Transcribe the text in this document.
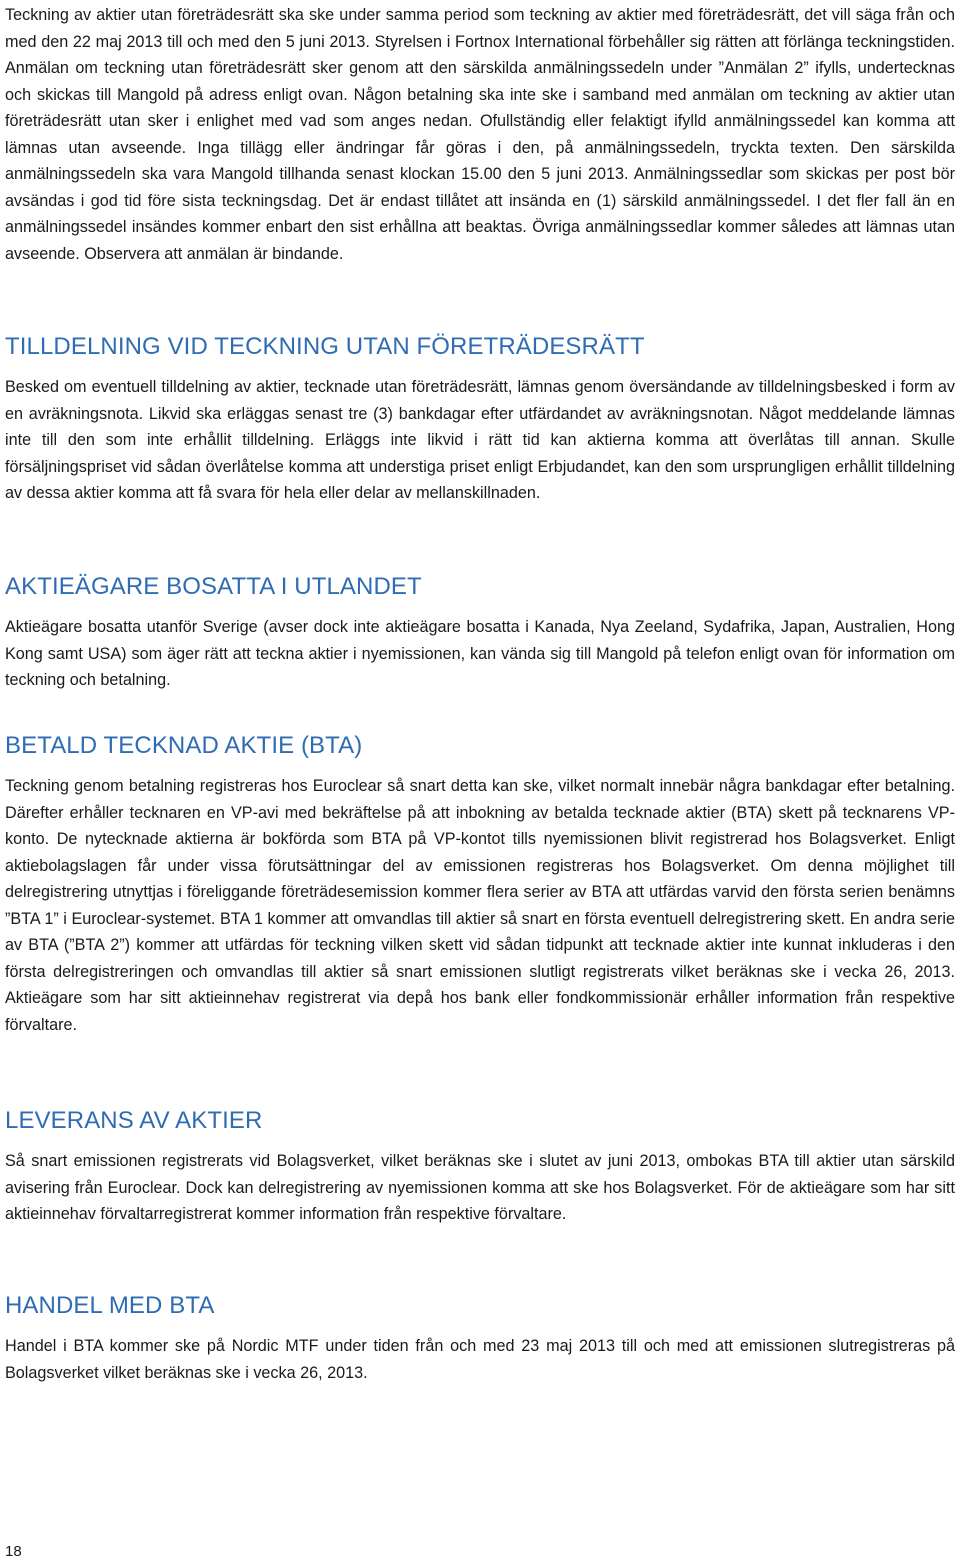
Teckning av aktier utan företrädesrätt ska ske under samma period som teckning av aktier med företrädesrätt, det vill säga från och med den 22 maj 2013 till och med den 5 juni 2013. Styrelsen i Fortnox International förbehåller sig rätten att förlänga teckningstiden. Anmälan om teckning utan företrädesrätt sker genom att den särskilda anmälningssedeln under ”Anmälan 2” ifylls, undertecknas och skickas till Mangold på adress enligt ovan. Någon betalning ska inte ske i samband med anmälan om teckning av aktier utan företrädesrätt utan sker i enlighet med vad som anges nedan. Ofullständig eller felaktigt ifylld anmälningssedel kan komma att lämnas utan avseende. Inga tillägg eller ändringar får göras i den, på anmälningssedeln, tryckta texten. Den särskilda anmälningssedeln ska vara Mangold tillhanda senast klockan 15.00 den 5 juni 2013. Anmälningssedlar som skickas per post bör avsändas i god tid före sista teckningsdag. Det är endast tillåtet att insända en (1) särskild anmälningssedel. I det fler fall än en anmälningssedel insändes kommer enbart den sist erhållna att beaktas. Övriga anmälningssedlar kommer således att lämnas utan avseende. Observera att anmälan är bindande.

TILLDELNING VID TECKNING UTAN FÖRETRÄDESRÄTT

Besked om eventuell tilldelning av aktier, tecknade utan företrädesrätt, lämnas genom översändande av tilldelningsbesked i form av en avräkningsnota. Likvid ska erläggas senast tre (3) bankdagar efter utfärdandet av avräkningsnotan. Något meddelande lämnas inte till den som inte erhållit tilldelning. Erläggs inte likvid i rätt tid kan aktierna komma att överlåtas till annan. Skulle försäljningspriset vid sådan överlåtelse komma att understiga priset enligt Erbjudandet, kan den som ursprungligen erhållit tilldelning av dessa aktier komma att få svara för hela eller delar av mellanskillnaden.

AKTIEÄGARE BOSATTA I UTLANDET

Aktieägare bosatta utanför Sverige (avser dock inte aktieägare bosatta i Kanada, Nya Zeeland, Sydafrika, Japan, Australien, Hong Kong samt USA) som äger rätt att teckna aktier i nyemissionen, kan vända sig till Mangold på telefon enligt ovan för information om teckning och betalning.

BETALD TECKNAD AKTIE (BTA)

Teckning genom betalning registreras hos Euroclear så snart detta kan ske, vilket normalt innebär några bankdagar efter betalning. Därefter erhåller tecknaren en VP-avi med bekräftelse på att inbokning av betalda tecknade aktier (BTA) skett på tecknarens VP-konto. De nytecknade aktierna är bokförda som BTA på VP-kontot tills nyemissionen blivit registrerad hos Bolagsverket. Enligt aktiebolagslagen får under vissa förutsättningar del av emissionen registreras hos Bolagsverket. Om denna möjlighet till delregistrering utnyttjas i föreliggande företrädesemission kommer flera serier av BTA att utfärdas varvid den första serien benämns ”BTA 1” i Euroclear-systemet. BTA 1 kommer att omvandlas till aktier så snart en första eventuell delregistrering skett. En andra serie av BTA (”BTA 2”) kommer att utfärdas för teckning vilken skett vid sådan tidpunkt att tecknade aktier inte kunnat inkluderas i den första delregistreringen och omvandlas till aktier så snart emissionen slutligt registrerats vilket beräknas ske i vecka 26, 2013. Aktieägare som har sitt aktieinnehav registrerat via depå hos bank eller fondkommissionär erhåller information från respektive förvaltare.

LEVERANS AV AKTIER

Så snart emissionen registrerats vid Bolagsverket, vilket beräknas ske i slutet av juni 2013, ombokas BTA till aktier utan särskild avisering från Euroclear. Dock kan delregistrering av nyemissionen komma att ske hos Bolagsverket. För de aktieägare som har sitt aktieinnehav förvaltarregistrerat kommer information från respektive förvaltare.

HANDEL MED BTA

Handel i BTA kommer ske på Nordic MTF under tiden från och med 23 maj 2013 till och med att emissionen slutregistreras på Bolagsverket vilket beräknas ske i vecka 26, 2013.

18
